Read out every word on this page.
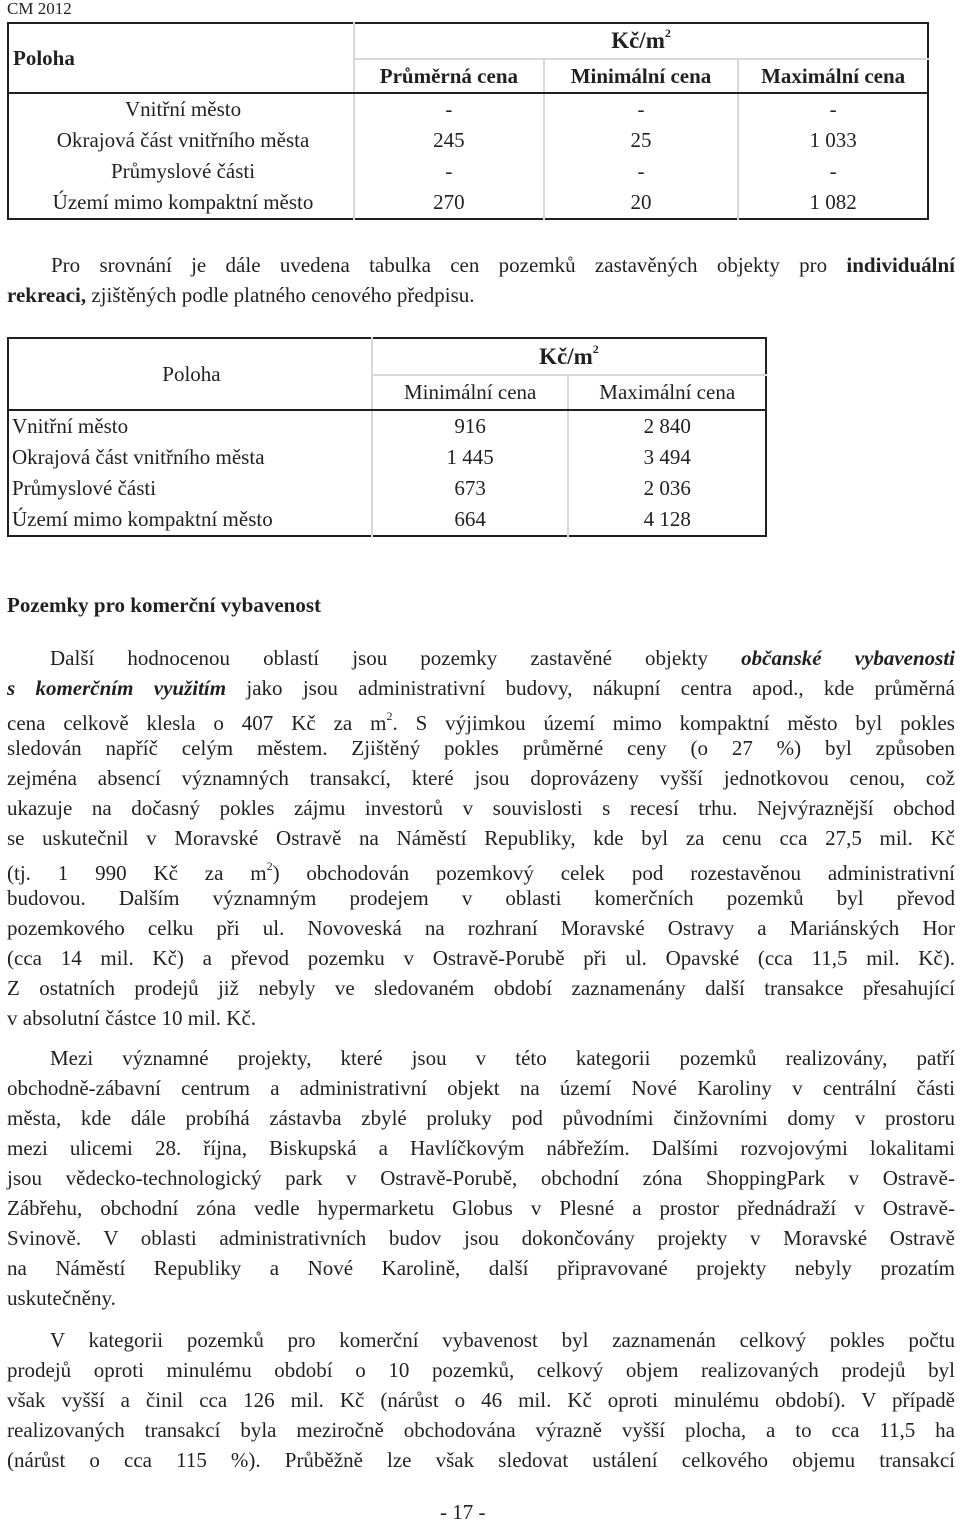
CM 2012
Poloha	$Kč/m^2$
	Průměrná cena	Minimální cena	Maximální cena
Vnitřní město	-	-	-
Okrajová část vnitřního města	245	25	1 033
Průmyslové části	-	-	-
Území mimo kompaktní město	270	20	1 082
Pro srovnání je dále uvedena tabulka cen pozemků zastavěných objekty pro individuální
rekreaci, zjištěných podle platného cenového předpisu.
Poloha	$Kč/m^2$
	Minimální cena	Maximální cena
Vnitřní město	916	2 840
Okrajová část vnitřního města	1 445	3 494
Průmyslové části	673	2 036
Území mimo kompaktní město	664	4 128
Pozemky pro komerční vybavenost
Další hodnocenou oblastí jsou pozemky zastavěné objekty občanské vybavenosti
s komerčním využitím jako jsou administrativní budovy, nákupní centra apod., kde průměrná
cena celkově klesla o 407 Kč za $m^2$. S výjimkou území mimo kompaktní město byl pokles
sledován napříč celým městem. Zjištěný pokles průměrné ceny (o 27 %) byl způsoben
zejména absencí významných transakcí, které jsou doprovázeny vyšší jednotkovou cenou, což
ukazuje na dočasný pokles zájmu investorů v souvislosti s recesí trhu. Nejvýraznější obchod
se uskutečnil v Moravské Ostravě na Náměstí Republiky, kde byl za cenu cca 27,5 mil. Kč
(tj. 1 990 Kč za $m^2$) obchodován pozemkový celek pod rozestavěnou administrativní
budovou. Dalším významným prodejem v oblasti komerčních pozemků byl převod
pozemkového celku při ul. Novoveská na rozhraní Moravské Ostravy a Mariánských Hor
(cca 14 mil. Kč) a převod pozemku v Ostravě-Porubě při ul. Opavské (cca 11,5 mil. Kč).
Z ostatních prodejů již nebyly ve sledovaném období zaznamenány další transakce přesahující
v absolutní částce 10 mil. Kč.
Mezi významné projekty, které jsou v této kategorii pozemků realizovány, patří
obchodně-zábavní centrum a administrativní objekt na území Nové Karoliny v centrální části
města, kde dále probíhá zástavba zbylé proluky pod původními činžovními domy v prostoru
mezi ulicemi 28. října, Biskupská a Havlíčkovým nábřežím. Dalšími rozvojovými lokalitami
jsou vědecko-technologický park v Ostravě-Porubě, obchodní zóna ShoppingPark v Ostravě-
Zábřehu, obchodní zóna vedle hypermarketu Globus v Plesné a prostor přednádraží v Ostravě-
Svinově. V oblasti administrativních budov jsou dokončovány projekty v Moravské Ostravě
na Náměstí Republiky a Nové Karolině, další připravované projekty nebyly prozatím
uskutečněny.
V kategorii pozemků pro komerční vybavenost byl zaznamenán celkový pokles počtu
prodejů oproti minulému období o 10 pozemků, celkový objem realizovaných prodejů byl
však vyšší a činil cca 126 mil. Kč (nárůst o 46 mil. Kč oproti minulému období). V případě
realizovaných transakcí byla meziročně obchodována výrazně vyšší plocha, a to cca 11,5 ha
(nárůst o cca 115 %). Průběžně lze však sledovat ustálení celkového objemu transakcí
- 17 -
